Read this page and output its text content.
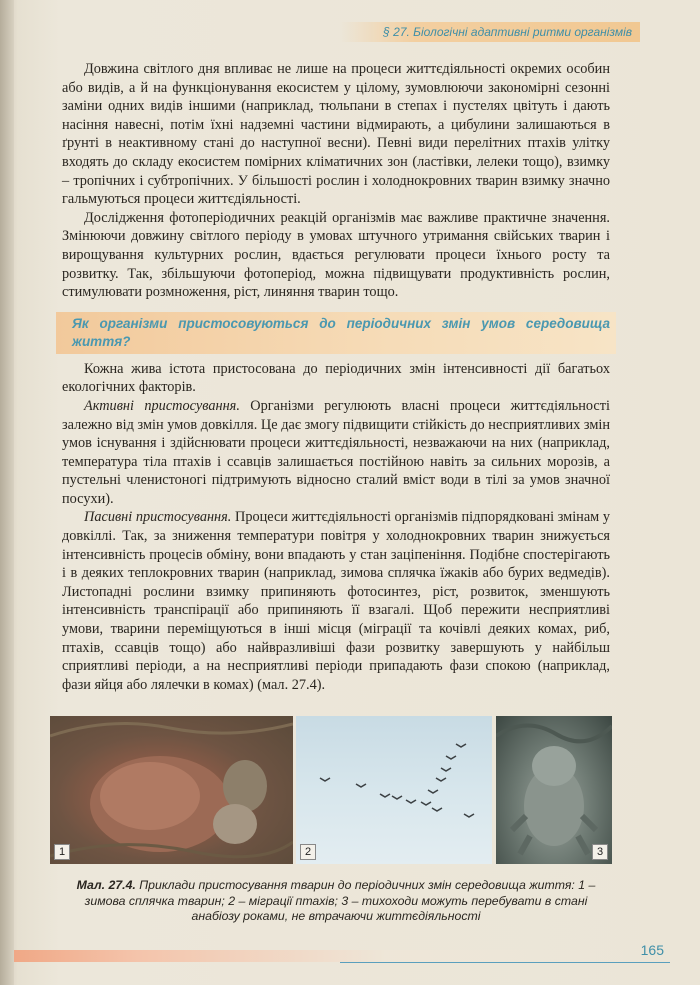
§ 27. Біологічні адаптивні ритми організмів

Довжина світлого дня впливає не лише на процеси життєдіяльності окремих особин або видів, а й на функціонування екосистем у цілому, зумовлюючи закономірні сезонні заміни одних видів іншими (наприклад, тюльпани в степах і пустелях цвітуть і дають насіння навесні, потім їхні надземні частини відмирають, а цибулини залишаються в ґрунті в неактивному стані до наступної весни). Певні види перелітних птахів улітку входять до складу екосистем помірних кліматичних зон (ластівки, лелеки тощо), взимку – тропічних і субтропічних. У більшості рослин і холоднокровних тварин взимку значно гальмуються процеси життєдіяльності.

Дослідження фотоперіодичних реакцій організмів має важливе практичне значення. Змінюючи довжину світлого періоду в умовах штучного утримання свійських тварин і вирощування культурних рослин, вдається регулювати процеси їхнього росту та розвитку. Так, збільшуючи фотоперіод, можна підвищувати продуктивність рослин, стимулювати розмноження, ріст, линяння тварин тощо.

Як організми пристосовуються до періодичних змін умов середовища життя?

Кожна жива істота пристосована до періодичних змін інтенсивності дії багатьох екологічних факторів.

Активні пристосування. Організми регулюють власні процеси життєдіяльності залежно від змін умов довкілля. Це дає змогу підвищити стійкість до несприятливих змін умов існування і здійснювати процеси життєдіяльності, незважаючи на них (наприклад, температура тіла птахів і ссавців залишається постійною навіть за сильних морозів, а пустельні членистоногі підтримують відносно сталий вміст води в тілі за умов значної посухи).

Пасивні пристосування. Процеси життєдіяльності організмів підпорядковані змінам у довкіллі. Так, за зниження температури повітря у холоднокровних тварин знижується інтенсивність процесів обміну, вони впадають у стан заціпеніння. Подібне спостерігають і в деяких теплокровних тварин (наприклад, зимова сплячка їжаків або бурих ведмедів). Листопадні рослини взимку припиняють фотосинтез, ріст, розвиток, зменшують інтенсивність транспірації або припиняють її взагалі. Щоб пережити несприятливі умови, тварини переміщуються в інші місця (міграції та кочівлі деяких комах, риб, птахів, ссавців тощо) або найвразливіші фази розвитку завершують у найбільш сприятливі періоди, а на несприятливі періоди припадають фази спокою (наприклад, фази яйця або лялечки в комах) (мал. 27.4).

1	2	3
Мал. 27.4. Приклади пристосування тварин до періодичних змін середовища життя: 1 – зимова сплячка тварин; 2 – міграції птахів; 3 – тихоходи можуть перебувати в стані анабіозу роками, не втрачаючи життєдіяльності
165
